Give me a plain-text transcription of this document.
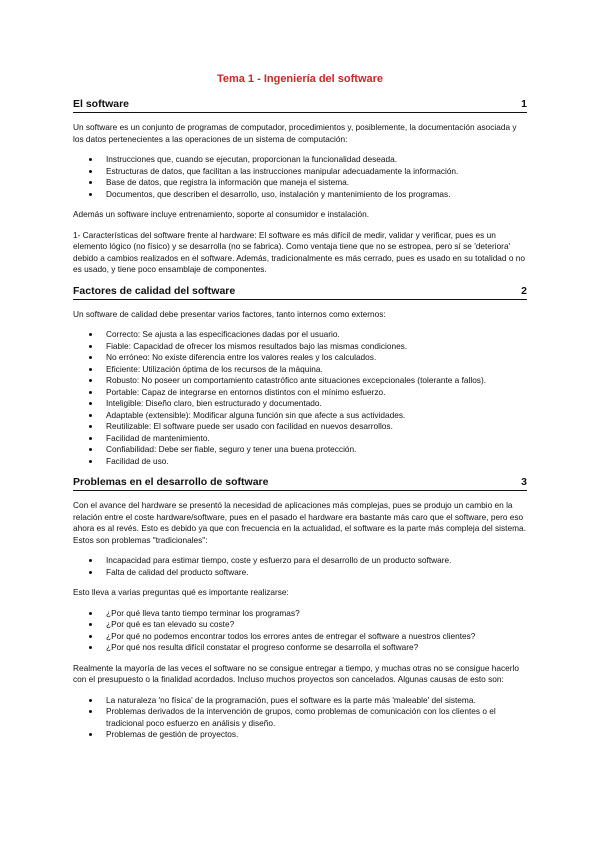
Tema 1 - Ingeniería del software
El software	1

Un software es un conjunto de programas de computador, procedimientos y, posiblemente, la documentación asociada y los datos pertenecientes a las operaciones de un sistema de computación:

Instrucciones que, cuando se ejecutan, proporcionan la funcionalidad deseada.
Estructuras de datos, que facilitan a las instrucciones manipular adecuadamente la información.
Base de datos, que registra la información que maneja el sistema.
Documentos, que describen el desarrollo, uso, instalación y mantenimiento de los programas.

Además un software incluye entrenamiento, soporte al consumidor e instalación.

1- Características del software frente al hardware: El software es más difícil de medir, validar y verificar, pues es un elemento lógico (no físico) y se desarrolla (no se fabrica). Como ventaja tiene que no se estropea, pero sí se 'deteriora' debido a cambios realizados en el software. Además, tradicionalmente es más cerrado, pues es usado en su totalidad o no es usado, y tiene poco ensamblaje de componentes.

Factores de calidad del software	2

Un software de calidad debe presentar varios factores, tanto internos como externos:

Correcto: Se ajusta a las especificaciones dadas por el usuario.
Fiable: Capacidad de ofrecer los mismos resultados bajo las mismas condiciones.
No erróneo: No existe diferencia entre los valores reales y los calculados.
Eficiente: Utilización óptima de los recursos de la máquina.
Robusto: No poseer un comportamiento catastrófico ante situaciones excepcionales (tolerante a fallos).
Portable: Capaz de integrarse en entornos distintos con el mínimo esfuerzo.
Inteligible: Diseño claro, bien estructurado y documentado.
Adaptable (extensible): Modificar alguna función sin que afecte a sus actividades.
Reutilizable: El software puede ser usado con facilidad en nuevos desarrollos.
Facilidad de mantenimiento.
Confiabilidad: Debe ser fiable, seguro y tener una buena protección.
Facilidad de uso.
Problemas en el desarrollo de software	3

Con el avance del hardware se presentó la necesidad de aplicaciones más complejas, pues se produjo un cambio en la relación entre el coste hardware/software, pues en el pasado el hardware era bastante más caro que el software, pero eso ahora es al revés. Esto es debido ya que con frecuencia en la actualidad, el software es la parte más compleja del sistema. Estos son problemas "tradicionales":

Incapacidad para estimar tiempo, coste y esfuerzo para el desarrollo de un producto software.
Falta de calidad del producto software.

Esto lleva a varias preguntas qué es importante realizarse:

¿Por qué lleva tanto tiempo terminar los programas?
¿Por qué es tan elevado su coste?
¿Por qué no podemos encontrar todos los errores antes de entregar el software a nuestros clientes?
¿Por qué nos resulta difícil constatar el progreso conforme se desarrolla el software?

Realmente la mayoría de las veces el software no se consigue entregar a tiempo, y muchas otras no se consigue hacerlo con el presupuesto o la finalidad acordados. Incluso muchos proyectos son cancelados. Algunas causas de esto son:

La naturaleza 'no física' de la programación, pues el software es la parte más 'maleable' del sistema.
Problemas derivados de la intervención de grupos, como problemas de comunicación con los clientes o el tradicional poco esfuerzo en análisis y diseño.
Problemas de gestión de proyectos.
